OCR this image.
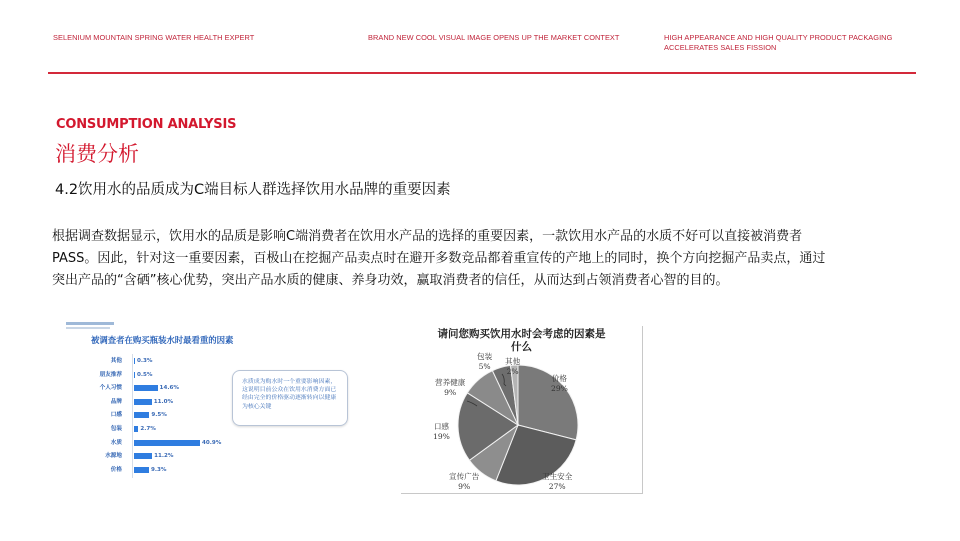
SELENIUM MOUNTAIN SPRING WATER HEALTH EXPERT	BRAND NEW COOL VISUAL IMAGE OPENS UP THE MARKET CONTEXT	HIGH APPEARANCE AND HIGH QUALITY PRODUCT PACKAGING ACCELERATES SALES FISSION
CONSUMPTION ANALYSIS
消费分析
4.2饮用水的品质成为C端目标人群选择饮用水品牌的重要因素

根据调查数据显示，饮用水的品质是影响C端消费者在饮用水产品的选择的重要因素，一款饮用水产品的水质不好可以直接被消费者

PASS。因此，针对这一重要因素，百极山在挖掘产品卖点时在避开多数竞品都着重宣传的产地上的同时，换个方向挖掘产品卖点，通过

突出产品的“含硒”核心优势，突出产品水质的健康、养身功效，赢取消费者的信任，从而达到占领消费者心智的目的。

被调查者在购买瓶装水时最看重的因素
其他	0.3%
朋友推荐	0.5%
个人习惯	14.6%
品牌	11.0%
口感	9.5%
包装	2.7%
水质	40.9%
水源地	11.2%
价格	9.3%
水质成为购水时一个重要影响因素，这说明目前公众在饮用水消费方面已经由完全的价格驱动逐渐转向以健康为核心关键
请问您购买饮用水时会考虑的因素是
什么
价格
29%
卫生安全
27%
宣传广告
9%
口感
19%
营养健康
9%
包装
5%
其他
2%
